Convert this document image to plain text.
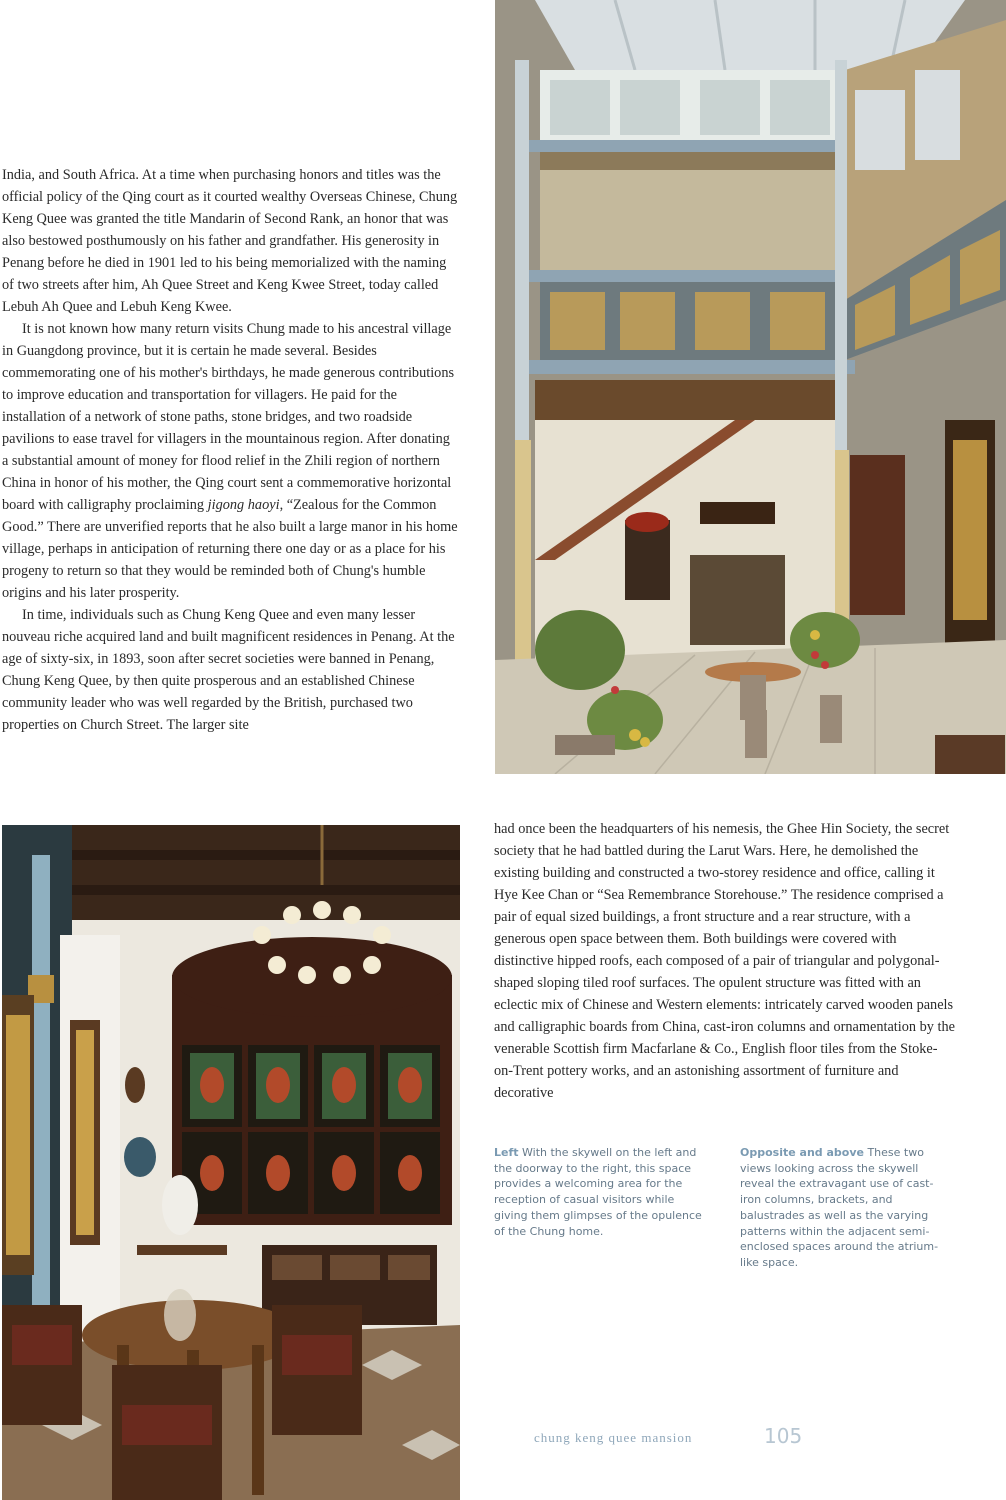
India, and South Africa. At a time when purchasing honors and titles was the official policy of the Qing court as it courted wealthy Overseas Chinese, Chung Keng Quee was granted the title Mandarin of Second Rank, an honor that was also bestowed posthumously on his father and grandfather. His generosity in Penang before he died in 1901 led to his being memorialized with the naming of two streets after him, Ah Quee Street and Keng Kwee Street, today called Lebuh Ah Quee and Lebuh Keng Kwee.

It is not known how many return visits Chung made to his ancestral village in Guangdong province, but it is certain he made several. Besides commemorating one of his mother's birthdays, he made generous contributions to improve education and transportation for villagers. He paid for the installation of a network of stone paths, stone bridges, and two roadside pavilions to ease travel for villagers in the mountainous region. After donating a substantial amount of money for flood relief in the Zhili region of northern China in honor of his mother, the Qing court sent a commemorative horizontal board with calligraphy proclaiming jigong haoyi, “Zealous for the Common Good.” There are unverified reports that he also built a large manor in his home village, perhaps in anticipation of returning there one day or as a place for his progeny to return so that they would be reminded both of Chung's humble origins and his later prosperity.

In time, individuals such as Chung Keng Quee and even many lesser nouveau riche acquired land and built magnificent residences in Penang. At the age of sixty-six, in 1893, soon after secret societies were banned in Penang, Chung Keng Quee, by then quite prosperous and an established Chinese community leader who was well regarded by the British, purchased two properties on Church Street. The larger site

had once been the headquarters of his nemesis, the Ghee Hin Society, the secret society that he had battled during the Larut Wars. Here, he demolished the existing building and constructed a two-storey residence and office, calling it Hye Kee Chan or “Sea Remembrance Storehouse.” The residence comprised a pair of equal sized buildings, a front structure and a rear structure, with a generous open space between them. Both buildings were covered with distinctive hipped roofs, each composed of a pair of triangular and polygonal-shaped sloping tiled roof surfaces. The opulent structure was fitted with an eclectic mix of Chinese and Western elements: intricately carved wooden panels and calligraphic boards from China, cast-iron columns and ornamentation by the venerable Scottish firm Macfarlane & Co., English floor tiles from the Stoke-on-Trent pottery works, and an astonishing assortment of furniture and decorative

Left With the skywell on the left and the doorway to the right, this space provides a welcoming area for the reception of casual visitors while giving them glimpses of the opulence of the Chung home.
Opposite and above These two views looking across the skywell reveal the extravagant use of cast-iron columns, brackets, and balustrades as well as the varying patterns within the adjacent semi-enclosed spaces around the atrium-like space.
chung keng quee mansion	105
